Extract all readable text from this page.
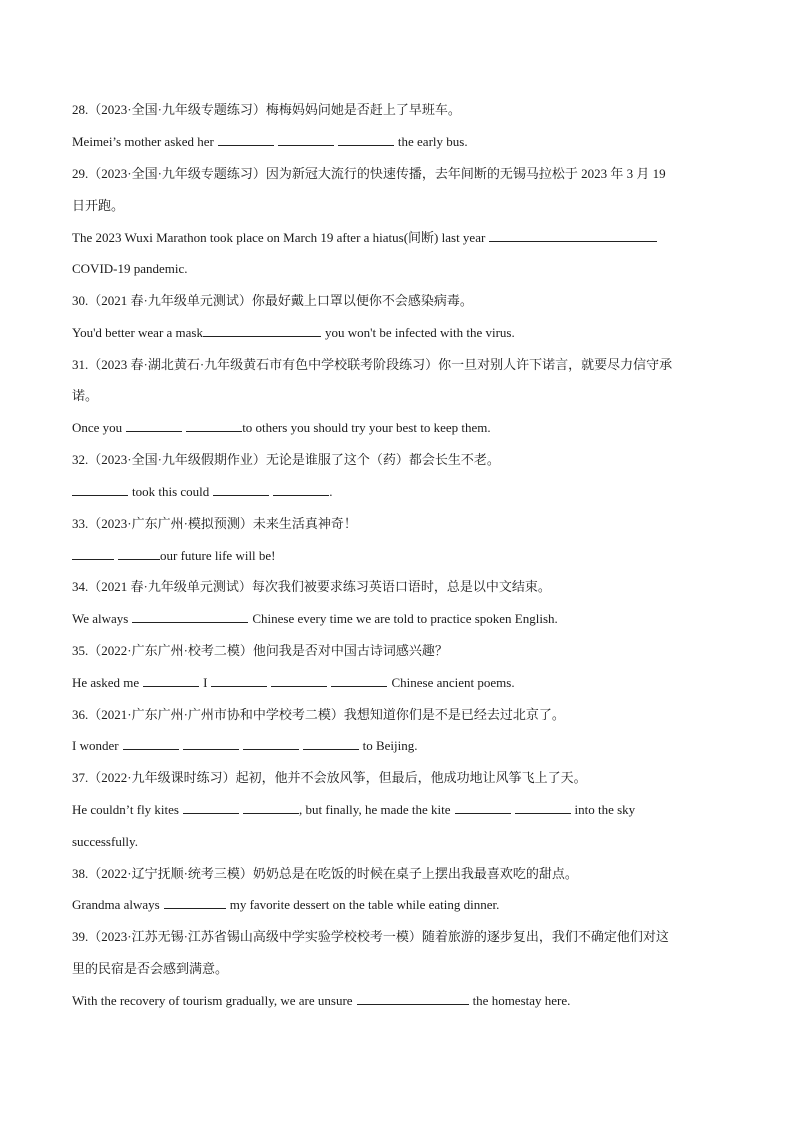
28.（2023·全国·九年级专题练习）梅梅妈妈问她是否赶上了早班车。
Meimei’s mother asked her	the early bus.
29.（2023·全国·九年级专题练习）因为新冠大流行的快速传播，去年间断的无锡马拉松于 2023 年 3 月 19
日开跑。
The 2023 Wuxi Marathon took place on March 19 after a hiatus(间断) last year
COVID-19 pandemic.
30.（2021 春·九年级单元测试）你最好戴上口罩以便你不会感染病毒。
You'd better wear a mask	you won't be infected with the virus.
31.（2023 春·湖北黄石·九年级黄石市有色中学校联考阶段练习）你一旦对别人许下诺言，就要尽力信守承
诺。
Once you	to others you should try your best to keep them.
32.（2023·全国·九年级假期作业）无论是谁服了这个（药）都会长生不老。
took this could	.
33.（2023·广东广州·模拟预测）未来生活真神奇！
our future life will be!
34.（2021 春·九年级单元测试）每次我们被要求练习英语口语时，总是以中文结束。
We always	Chinese every time we are told to practice spoken English.
35.（2022·广东广州·校考二模）他问我是否对中国古诗词感兴趣？
He asked me	I	Chinese ancient poems.
36.（2021·广东广州·广州市协和中学校考二模）我想知道你们是不是已经去过北京了。
I wonder	to Beijing.
37.（2022·九年级课时练习）起初，他并不会放风筝，但最后，他成功地让风筝飞上了天。
He couldn’t fly kites	, but finally, he made the kite	into the sky
successfully.
38.（2022·辽宁抚顺·统考三模）奶奶总是在吃饭的时候在桌子上摆出我最喜欢吃的甜点。
Grandma always	my favorite dessert on the table while eating dinner.
39.（2023·江苏无锡·江苏省锡山高级中学实验学校校考一模）随着旅游的逐步复出，我们不确定他们对这
里的民宿是否会感到满意。
With the recovery of tourism gradually, we are unsure	the homestay here.
